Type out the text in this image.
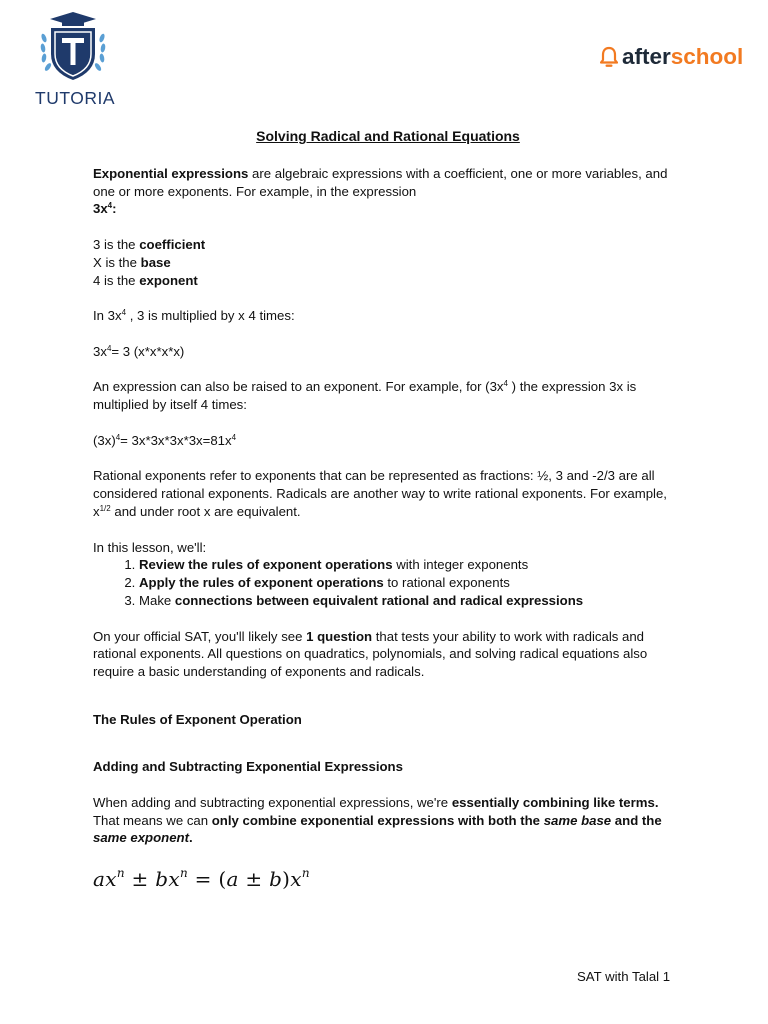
TUTORIA
after school
Solving Radical and Rational Equations

Exponential expressions are algebraic expressions with a coefficient, one or more variables, and one or more exponents. For example, in the expression

$3x^4$:

3 is the coefficient

X is the base

4 is the exponent

In $3x^4$ , 3 is multiplied by x 4 times:

$3x^4= 3$ (x*x*x*x)

An expression can also be raised to an exponent. For example, for ($3x^4$ ) the expression 3x is multiplied by itself 4 times:

$(3x)^4= 3x*3x*3x*3x=81x^4$

Rational exponents refer to exponents that can be represented as fractions: ½, 3 and -2/3 are all considered rational exponents. Radicals are another way to write rational exponents. For example, $x^{1/2}$ and under root x are equivalent.

In this lesson, we'll:

1. Review the rules of exponent operations with integer exponents
2. Apply the rules of exponent operations to rational exponents
3. Make connections between equivalent rational and radical expressions

On your official SAT, you'll likely see 1 question that tests your ability to work with radicals and rational exponents. All questions on quadratics, polynomials, and solving radical equations also require a basic understanding of exponents and radicals.

The Rules of Exponent Operation

Adding and Subtracting Exponential Expressions

When adding and subtracting exponential expressions, we're essentially combining like terms. That means we can only combine exponential expressions with both the same base and the same exponent.

$ax^n \pm bx^n = (a \pm b)x^n$
SAT with Talal 1
